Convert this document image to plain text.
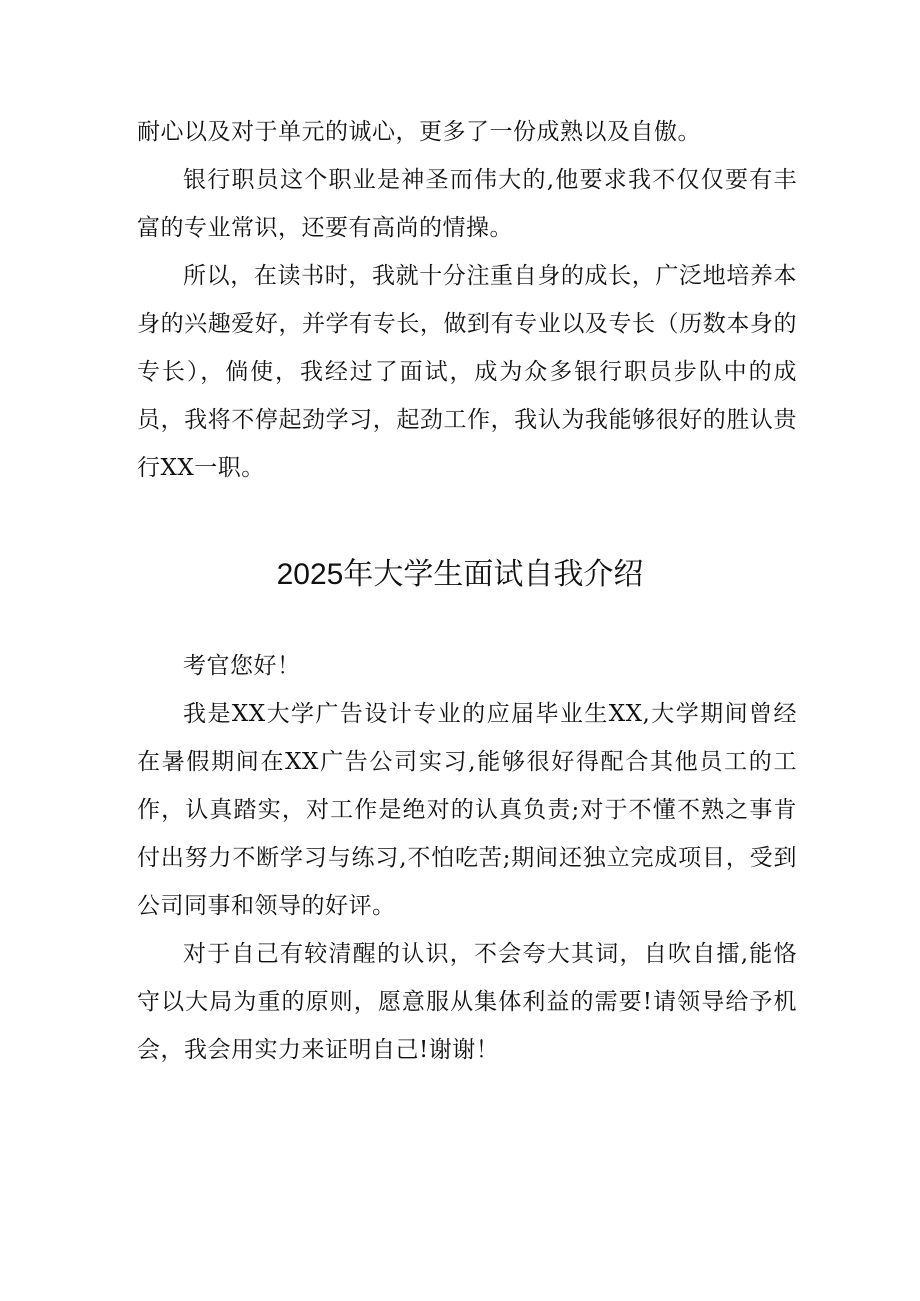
耐心以及对于单元的诚心，更多了一份成熟以及自傲。

银行职员这个职业是神圣而伟大的,他要求我不仅仅要有丰富的专业常识，还要有高尚的情操。

所以，在读书时，我就十分注重自身的成长，广泛地培养本身的兴趣爱好，并学有专长，做到有专业以及专长（历数本身的专长），倘使，我经过了面试，成为众多银行职员步队中的成员，我将不停起劲学习，起劲工作，我认为我能够很好的胜认贵行XX一职。

2025年大学生面试自我介绍

考官您好！

我是XX大学广告设计专业的应届毕业生XX,大学期间曾经在暑假期间在XX广告公司实习,能够很好得配合其他员工的工作，认真踏实，对工作是绝对的认真负责;对于不懂不熟之事肯付出努力不断学习与练习,不怕吃苦;期间还独立完成项目，受到公司同事和领导的好评。

对于自己有较清醒的认识，不会夸大其词，自吹自擂,能恪守以大局为重的原则，愿意服从集体利益的需要!请领导给予机会，我会用实力来证明自己!谢谢！
